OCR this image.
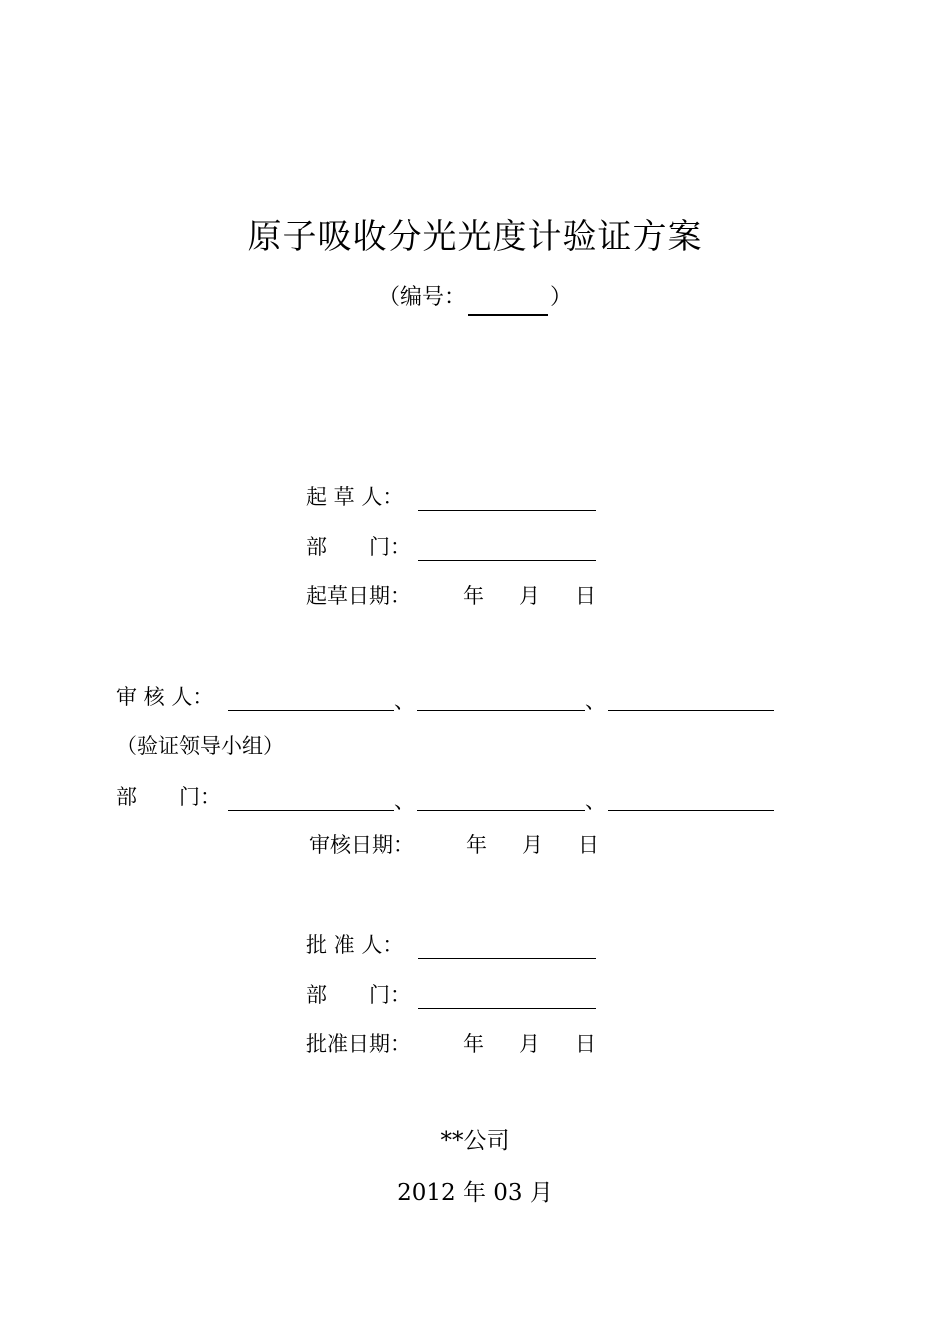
原子吸收分光光度计验证方案
（编号：	）
起 草 人：
部　　门：
起草日期： 年 月 日
审 核 人：	、	、
（验证领导小组）
部　　门：	、	、
审核日期： 年 月 日
批 准 人：
部　　门：
批准日期： 年 月 日
**公司
2012 年 03 月
